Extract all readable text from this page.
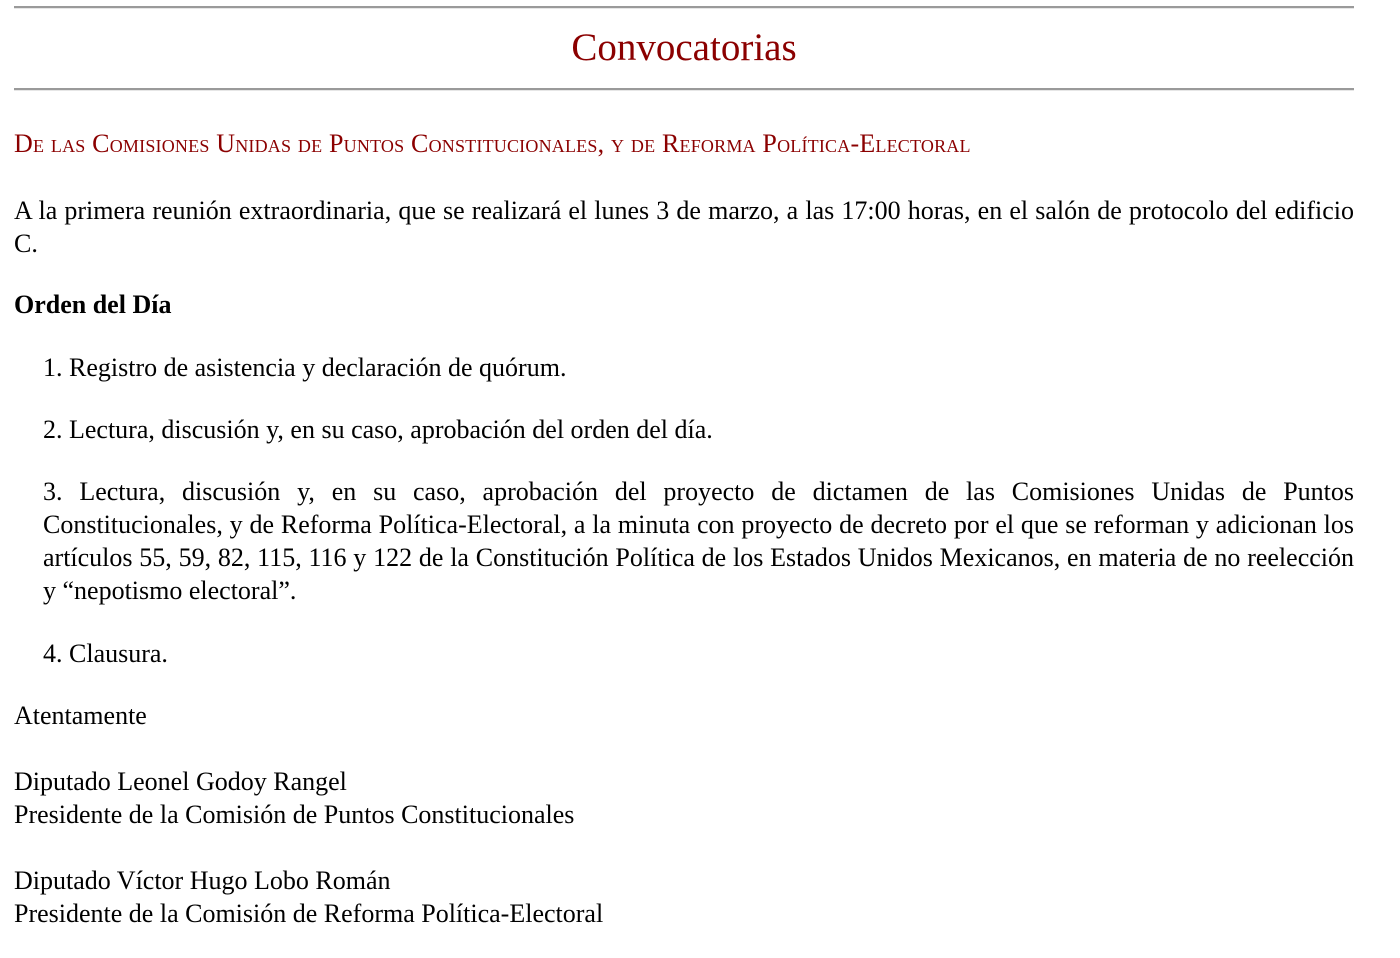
Convocatorias
De las Comisiones Unidas de Puntos Constitucionales, y de Reforma Política-Electoral

A la primera reunión extraordinaria, que se realizará el lunes 3 de marzo, a las 17:00 horas, en el salón de protocolo del edificio C.

Orden del Día
1. Registro de asistencia y declaración de quórum.
2. Lectura, discusión y, en su caso, aprobación del orden del día.
3. Lectura, discusión y, en su caso, aprobación del proyecto de dictamen de las Comisiones Unidas de Puntos Constitucionales, y de Reforma Política-Electoral, a la minuta con proyecto de decreto por el que se reforman y adicionan los artículos 55, 59, 82, 115, 116 y 122 de la Constitución Política de los Estados Unidos Mexicanos, en materia de no reelección y “nepotismo electoral”.
4. Clausura.
Atentamente
Diputado Leonel Godoy Rangel
Presidente de la Comisión de Puntos Constitucionales
Diputado Víctor Hugo Lobo Román
Presidente de la Comisión de Reforma Política-Electoral
